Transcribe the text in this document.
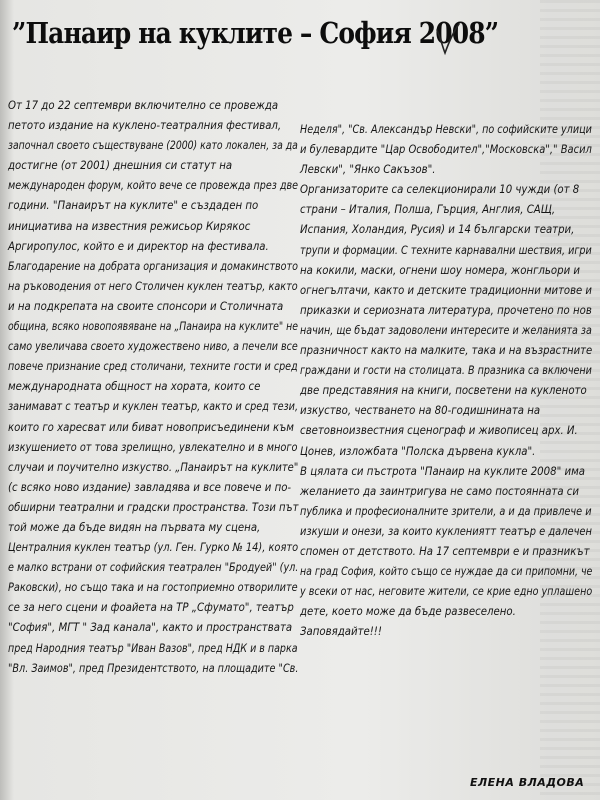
”Панаир на куклите – София 2008”
От 17 до 22 септември включително се провежда
петото издание на куклено-театралния фестивал,
започнал своето съществуване (2000) като локален, за да
достигне (от 2001) днешния си статут на
международен форум, който вече се провежда през две
години. "Панаирът на куклите" е създаден по
инициатива на известния режисьор Кирякос
Аргиропулос, който е и директор на фестивала.
Благодарение на добрата организация и домакинството
на ръководения от него Столичен куклен театър, както
и на подкрепата на своите спонсори и Столичната
община, всяко новопоявяване на „Панаира на куклите" не
само увеличава своето художествено ниво, а печели все
повече признание сред столичани, техните гости и сред
международната общност на хората, които се
занимават с театър и куклен театър, както и сред тези,
които го харесват или биват новоприсъединени към
изкушението от това зрелищно, увлекателно и в много
случаи и поучително изкуство. „Панаирът на куклите"
(с всяко ново издание) завладява и все повече и по-
обширни театрални и градски пространства. Този път
той може да бъде видян на първата му сцена,
Централния куклен театър (ул. Ген. Гурко № 14), която
е малко встрани от софийския театрален "Бродуей" (ул.
Раковски), но също така и на гостоприемно отворилите
се за него сцени и фоайета на ТР „Сфумато", театър
"София", МГТ " Зад канала", както и пространствата
пред Народния театър "Иван Вазов", пред НДК и в парка
"Вл. Заимов", пред Президентството, на площадите "Св.
Неделя", "Св. Александър Невски", по софийските улици
и булевардите "Цар Освободител","Московска"," Васил
Левски", "Янко Сакъзов".
Организаторите са селекционирали 10 чужди (от 8
страни – Италия, Полша, Гърция, Англия, САЩ,
Испания, Холандия, Русия) и 14 български театри,
трупи и формации. С техните карнавални шествия, игри
на кокили, маски, огнени шоу номера, жонгльори и
огнегълтачи, както и детските традиционни митове и
приказки и сериозната литература, прочетено по нов
начин, ще бъдат задоволени интересите и желанията за
празничност както на малките, така и на възрастните
граждани и гости на столицата. В празника са включени
две представяния на книги, посветени на кукленото
изкуство, честването на 80-годишнината на
световноизвестния сценограф и живописец арх. И.
Цонев, изложбата "Полска дървена кукла".
В цялата си пъстрота "Панаир на куклите 2008" има
желанието да заинтригува не само постоянната си
публика и професионалните зрители, а и да привлече и
изкуши и онези, за които куклениятт театър е далечен
спомен от детството. На 17 септември е и празникът
на град София, който също се нуждае да си припомни, че
у всеки от нас, неговите жители, се крие едно уплашено
дете, което може да бъде развеселено.
Заповядайте!!!
ЕЛЕНА ВЛАДОВА
